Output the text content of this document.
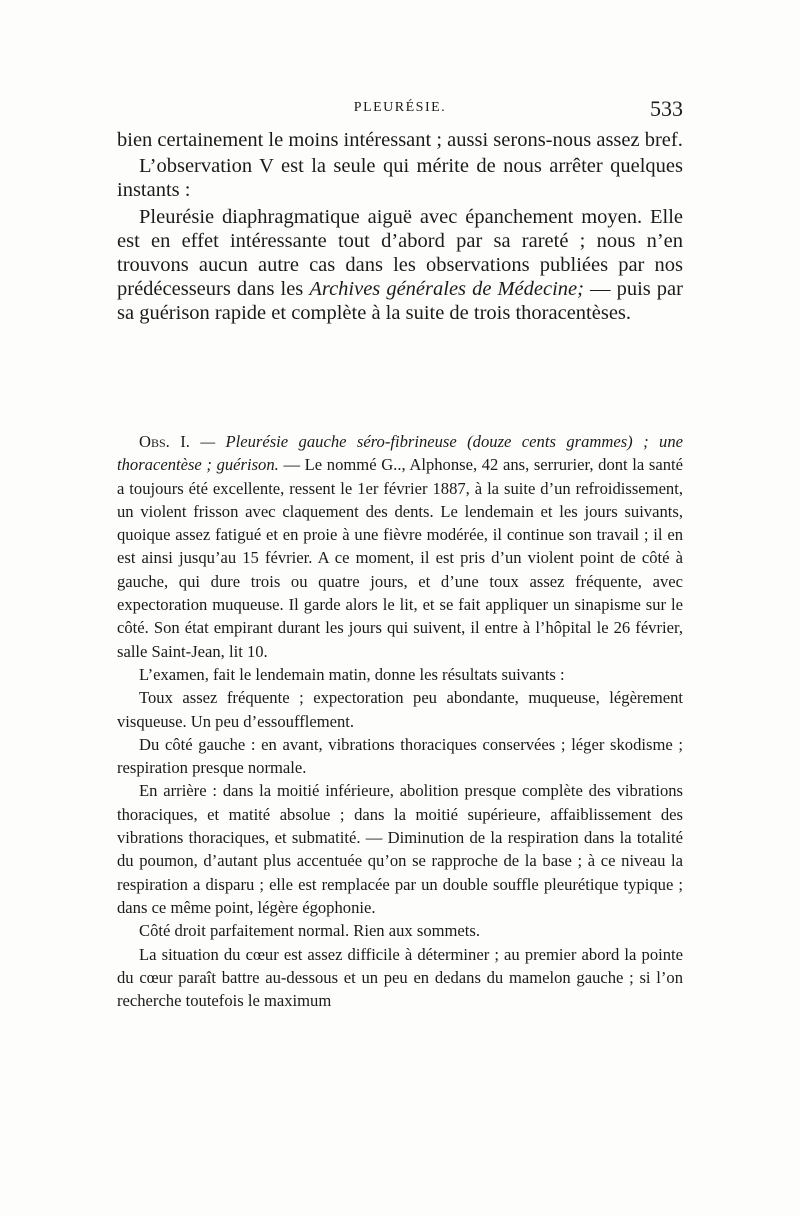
PLEURÉSIE.	533

bien certainement le moins intéressant ; aussi serons-nous assez bref.

L’observation V est la seule qui mérite de nous arrêter quelques instants :

Pleurésie diaphragmatique aiguë avec épanchement moyen. Elle est en effet intéressante tout d’abord par sa rareté ; nous n’en trouvons aucun autre cas dans les observations publiées par nos prédécesseurs dans les Archives générales de Médecine; — puis par sa guérison rapide et complète à la suite de trois thoracentèses.

Obs. I. — Pleurésie gauche séro-fibrineuse (douze cents grammes) ; une thoracentèse ; guérison. — Le nommé G.., Alphonse, 42 ans, serrurier, dont la santé a toujours été excellente, ressent le 1er février 1887, à la suite d’un refroidissement, un violent frisson avec claquement des dents. Le lendemain et les jours suivants, quoique assez fatigué et en proie à une fièvre modérée, il continue son travail ; il en est ainsi jusqu’au 15 février. A ce moment, il est pris d’un violent point de côté à gauche, qui dure trois ou quatre jours, et d’une toux assez fréquente, avec expectoration muqueuse. Il garde alors le lit, et se fait appliquer un sinapisme sur le côté. Son état empirant durant les jours qui suivent, il entre à l’hôpital le 26 février, salle Saint-Jean, lit 10.

L’examen, fait le lendemain matin, donne les résultats suivants :

Toux assez fréquente ; expectoration peu abondante, muqueuse, légèrement visqueuse. Un peu d’essoufflement.

Du côté gauche : en avant, vibrations thoraciques conservées ; léger skodisme ; respiration presque normale.

En arrière : dans la moitié inférieure, abolition presque complète des vibrations thoraciques, et matité absolue ; dans la moitié supérieure, affaiblissement des vibrations thoraciques, et submatité. — Diminution de la respiration dans la totalité du poumon, d’autant plus accentuée qu’on se rapproche de la base ; à ce niveau la respiration a disparu ; elle est remplacée par un double souffle pleurétique typique ; dans ce même point, légère égophonie.

Côté droit parfaitement normal. Rien aux sommets.

La situation du cœur est assez difficile à déterminer ; au premier abord la pointe du cœur paraît battre au-dessous et un peu en dedans du mamelon gauche ; si l’on recherche toutefois le maximum
